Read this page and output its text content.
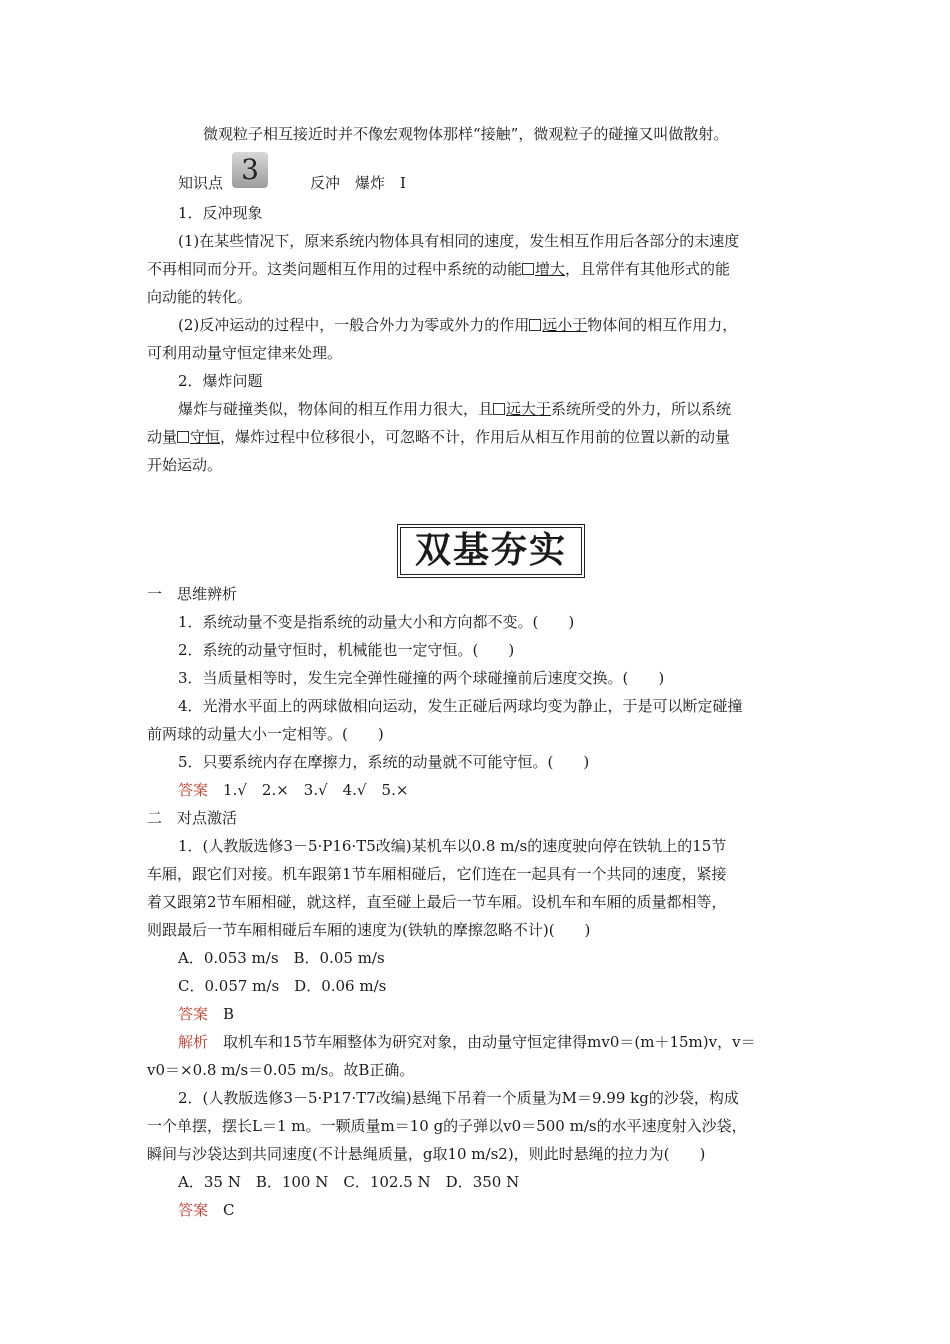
微观粒子相互接近时并不像宏观物体那样“接触”，微观粒子的碰撞又叫做散射。
知识点 3	反冲　爆炸　Ⅰ
1．反冲现象
(1)在某些情况下，原来系统内物体具有相同的速度，发生相互作用后各部分的末速度
不再相同而分开。这类问题相互作用的过程中系统的动能 增大，且常伴有其他形式的能
向动能的转化。
(2)反冲运动的过程中，一般合外力为零或外力的作用 远小于物体间的相互作用力，
可利用动量守恒定律来处理。
2．爆炸问题
爆炸与碰撞类似，物体间的相互作用力很大，且 远大于系统所受的外力，所以系统
动量 守恒，爆炸过程中位移很小，可忽略不计，作用后从相互作用前的位置以新的动量
开始运动。
双基夯实
一　思维辨析
1．系统动量不变是指系统的动量大小和方向都不变。(　　)
2．系统的动量守恒时，机械能也一定守恒。(　　)
3．当质量相等时，发生完全弹性碰撞的两个球碰撞前后速度交换。(　　)
4．光滑水平面上的两球做相向运动，发生正碰后两球均变为静止，于是可以断定碰撞
前两球的动量大小一定相等。(　　)
5．只要系统内存在摩擦力，系统的动量就不可能守恒。(　　)
答案　 1.√　2.×　3.√　4.√　5.×
二　对点激活
1．(人教版选修3－5·P16·T5改编)某机车以0.8 m/s的速度驶向停在铁轨上的15节
车厢，跟它们对接。机车跟第1节车厢相碰后，它们连在一起具有一个共同的速度，紧接
着又跟第2节车厢相碰，就这样，直至碰上最后一节车厢。设机车和车厢的质量都相等，
则跟最后一节车厢相碰后车厢的速度为(铁轨的摩擦忽略不计)(　　)
A．0.053 m/s　B．0.05 m/s
C．0.057 m/s　D．0.06 m/s
答案　 B
解析　 取机车和15节车厢整体为研究对象，由动量守恒定律得mv0＝(m＋15m)v，v＝
v0＝×0.8 m/s＝0.05 m/s。故B正确。
2．(人教版选修3－5·P17·T7改编)悬绳下吊着一个质量为M＝9.99 kg的沙袋，构成
一个单摆，摆长L＝1 m。一颗质量m＝10 g的子弹以v0＝500 m/s的水平速度射入沙袋，
瞬间与沙袋达到共同速度(不计悬绳质量，g取10 m/s2)，则此时悬绳的拉力为(　　)
A．35 N　B．100 N　C．102.5 N　D．350 N
答案　 C
